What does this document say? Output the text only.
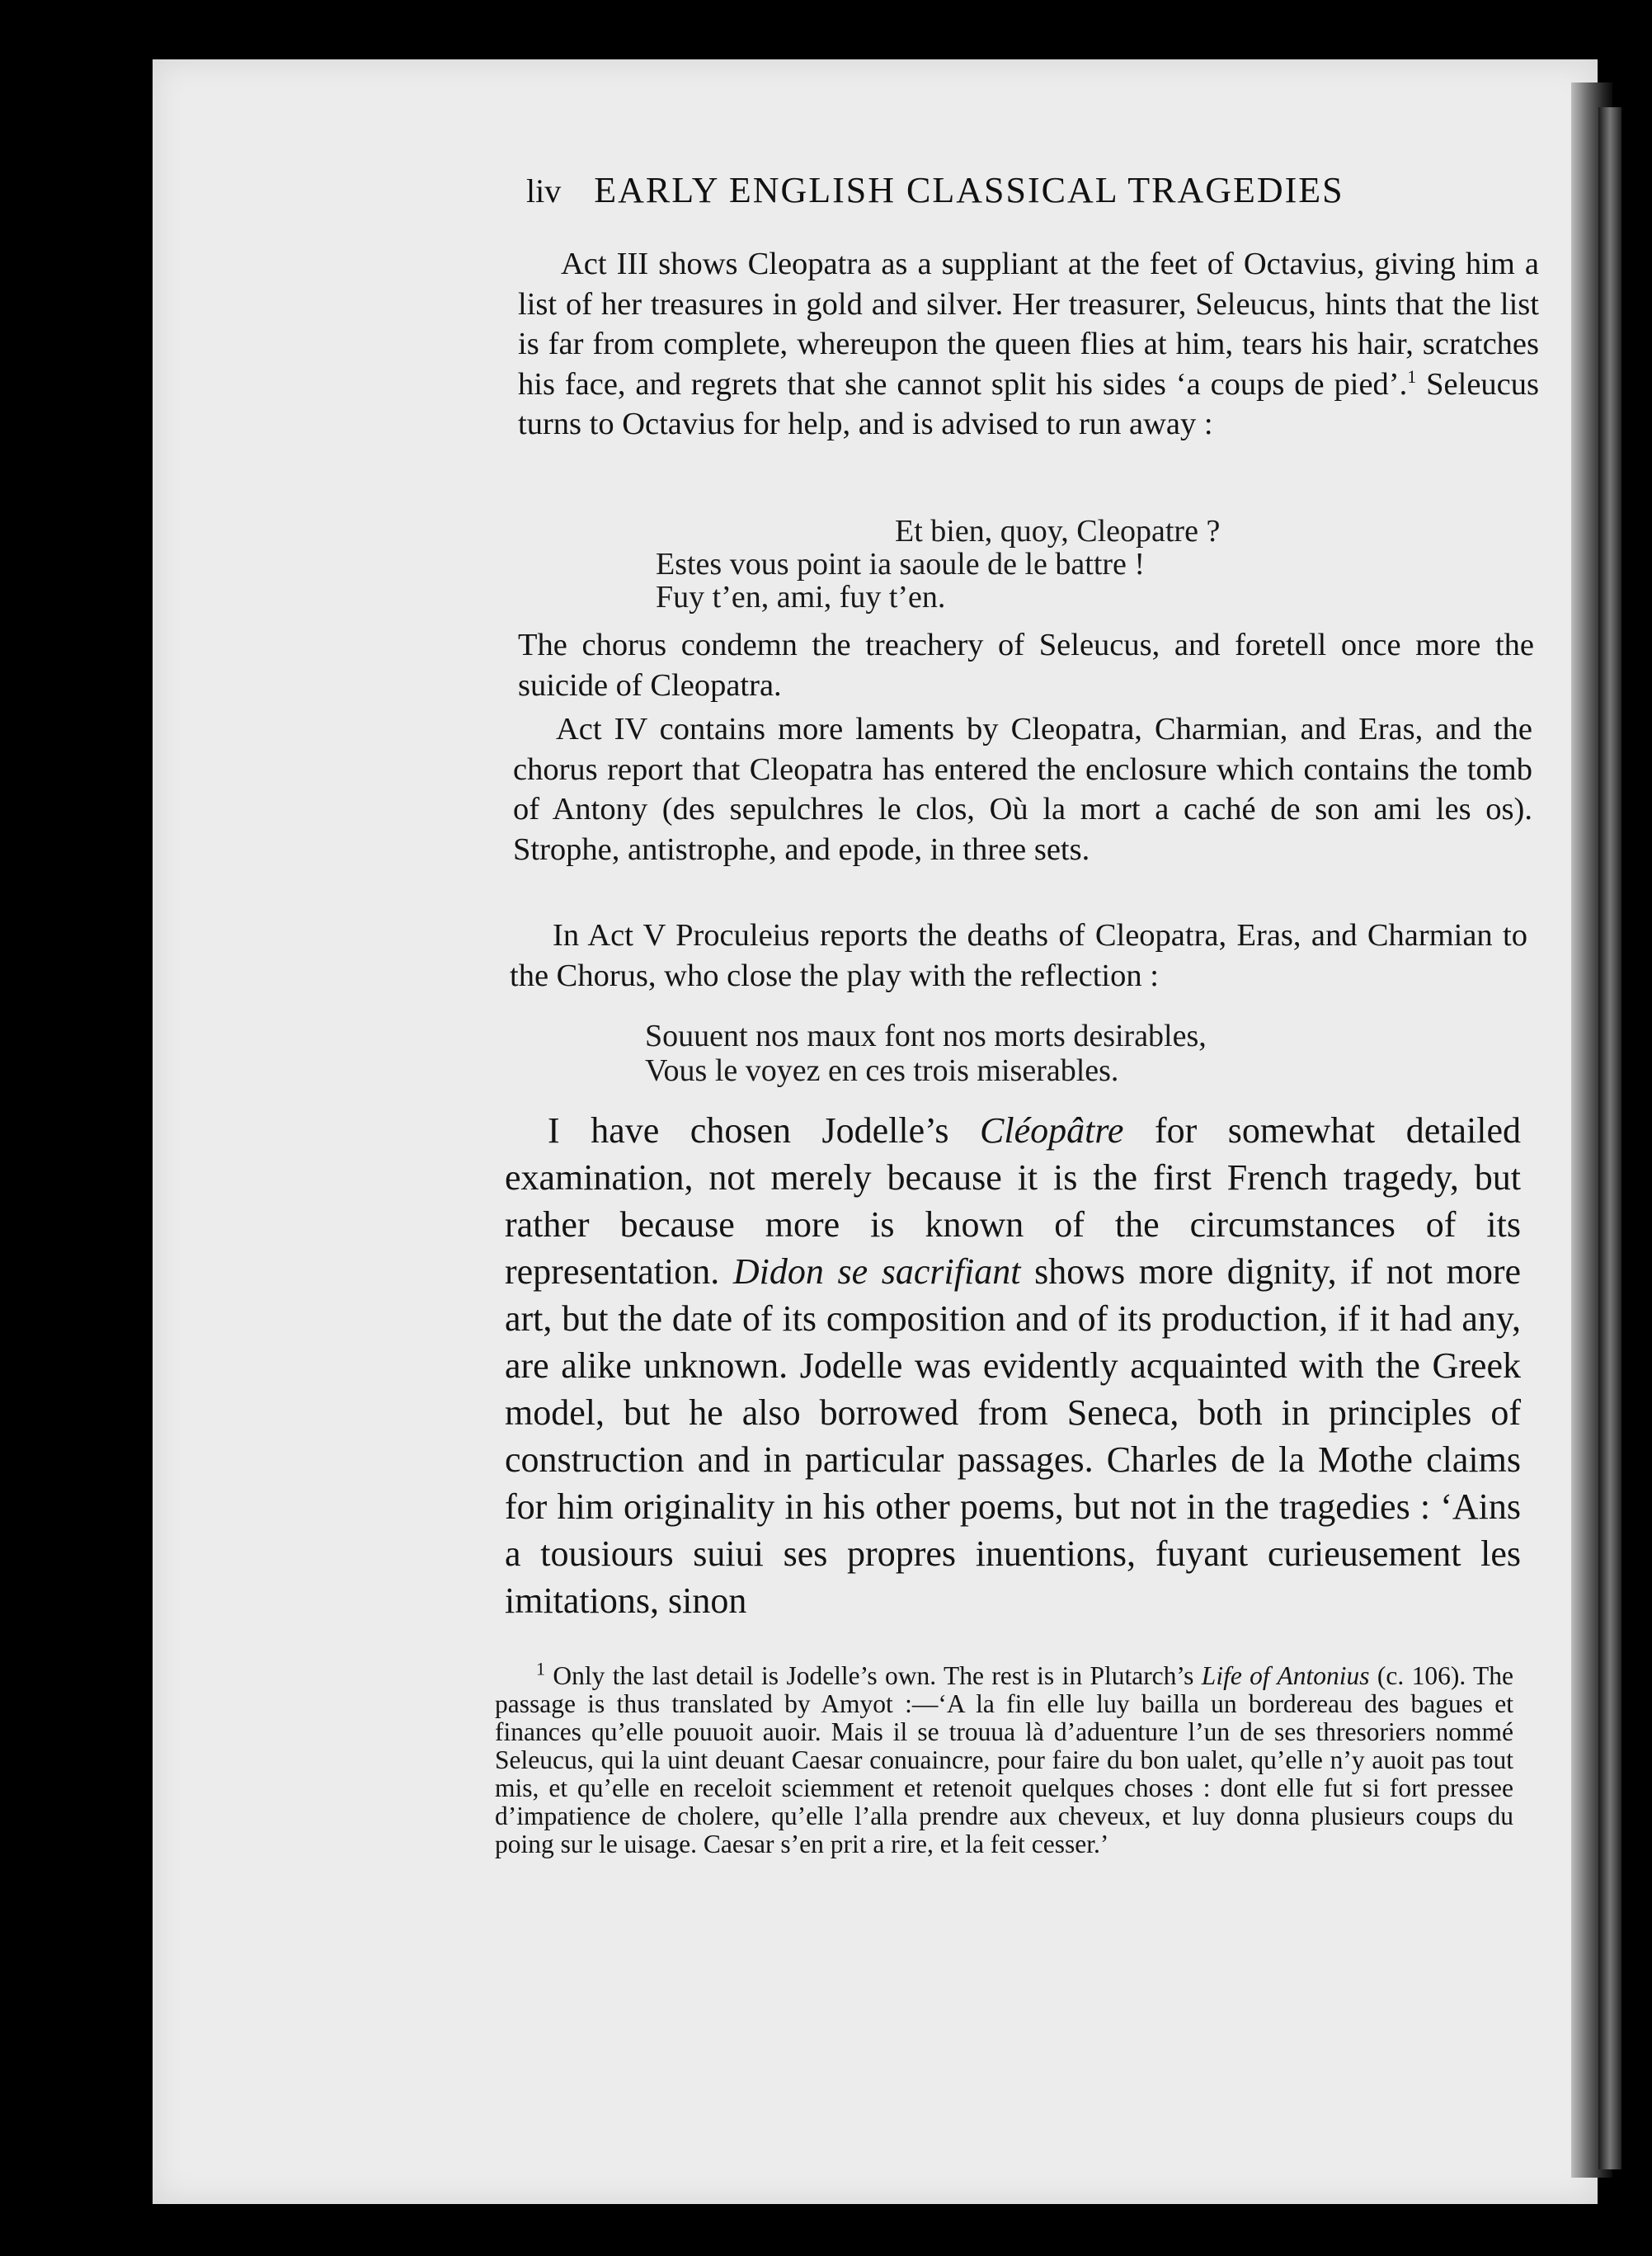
liv EARLY ENGLISH CLASSICAL TRAGEDIES

Act III shows Cleopatra as a suppliant at the feet of Octavius, giving him a list of her treasures in gold and silver. Her treasurer, Seleucus, hints that the list is far from complete, whereupon the queen flies at him, tears his hair, scratches his face, and regrets that she cannot split his sides ‘a coups de pied’.$^1$ Seleucus turns to Octavius for help, and is advised to run away :

Et bien, quoy, Cleopatre ?
Estes vous point ia saoule de le battre !
Fuy t’en, ami, fuy t’en.

The chorus condemn the treachery of Seleucus, and foretell once more the suicide of Cleopatra.

Act IV contains more laments by Cleopatra, Charmian, and Eras, and the chorus report that Cleopatra has entered the enclosure which contains the tomb of Antony (des sepulchres le clos, Où la mort a caché de son ami les os). Strophe, antistrophe, and epode, in three sets.

In Act V Proculeius reports the deaths of Cleopatra, Eras, and Charmian to the Chorus, who close the play with the reflection :

Souuent nos maux font nos morts desirables,
Vous le voyez en ces trois miserables.

I have chosen Jodelle’s Cléopâtre for somewhat detailed examination, not merely because it is the first French tragedy, but rather because more is known of the circumstances of its representation. Didon se sacrifiant shows more dignity, if not more art, but the date of its composition and of its production, if it had any, are alike unknown. Jodelle was evidently acquainted with the Greek model, but he also borrowed from Seneca, both in principles of construction and in particular passages. Charles de la Mothe claims for him originality in his other poems, but not in the tragedies : ‘Ains a tousiours suiui ses propres inuentions, fuyant curieusement les imitations, sinon

$^1$ Only the last detail is Jodelle’s own. The rest is in Plutarch’s Life of Antonius (c. 106). The passage is thus translated by Amyot :—‘A la fin elle luy bailla un bordereau des bagues et finances qu’elle pouuoit auoir. Mais il se trouua là d’aduenture l’un de ses thresoriers nommé Seleucus, qui la uint deuant Caesar conuaincre, pour faire du bon ualet, qu’elle n’y auoit pas tout mis, et qu’elle en receloit sciemment et retenoit quelques choses : dont elle fut si fort pressee d’impatience de cholere, qu’elle l’alla prendre aux cheveux, et luy donna plusieurs coups du poing sur le uisage. Caesar s’en prit a rire, et la feit cesser.’
